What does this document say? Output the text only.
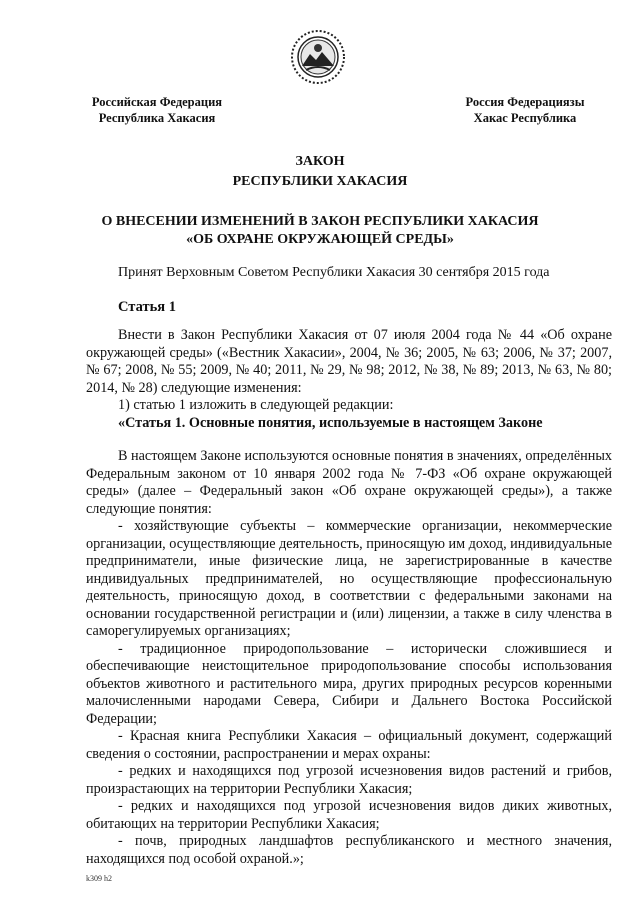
Российская Федерация
Республика Хакасия
Россия Федерациязы
Хакас Республика
ЗАКОН
РЕСПУБЛИКИ ХАКАСИЯ
О ВНЕСЕНИИ ИЗМЕНЕНИЙ В ЗАКОН РЕСПУБЛИКИ ХАКАСИЯ
«ОБ ОХРАНЕ ОКРУЖАЮЩЕЙ СРЕДЫ»
Принят Верховным Советом Республики Хакасия 30 сентября 2015 года
Статья 1

Внести в Закон Республики Хакасия от 07 июля 2004 года № 44 «Об охране окружающей среды» («Вестник Хакасии», 2004, № 36; 2005, № 63; 2006, № 37; 2007, № 67; 2008, № 55; 2009, № 40; 2011, № 29, № 98; 2012, № 38, № 89; 2013, № 63, № 80; 2014, № 28) следующие изменения:

1) статью 1 изложить в следующей редакции:

«Статья 1. Основные понятия, используемые в настоящем Законе

В настоящем Законе используются основные понятия в значениях, определённых Федеральным законом от 10 января 2002 года № 7-ФЗ «Об охране окружающей среды» (далее – Федеральный закон «Об охране окружающей среды»), а также следующие понятия:

- хозяйствующие субъекты – коммерческие организации, некоммерческие организации, осуществляющие деятельность, приносящую им доход, индивидуальные предприниматели, иные физические лица, не зарегистрированные в качестве индивидуальных предпринимателей, но осуществляющие профессиональную деятельность, приносящую доход, в соответствии с федеральными законами на основании государственной регистрации и (или) лицензии, а также в силу членства в саморегулируемых организациях;

- традиционное природопользование – исторически сложившиеся и обеспечивающие неистощительное природопользование способы использования объектов животного и растительного мира, других природных ресурсов коренными малочисленными народами Севера, Сибири и Дальнего Востока Российской Федерации;

- Красная книга Республики Хакасия – официальный документ, содержащий сведения о состоянии, распространении и мерах охраны:

- редких и находящихся под угрозой исчезновения видов растений и грибов, произрастающих на территории Республики Хакасия;

- редких и находящихся под угрозой исчезновения видов диких животных, обитающих на территории Республики Хакасия;

- почв, природных ландшафтов республиканского и местного значения, находящихся под особой охраной.»;

k309 h2
